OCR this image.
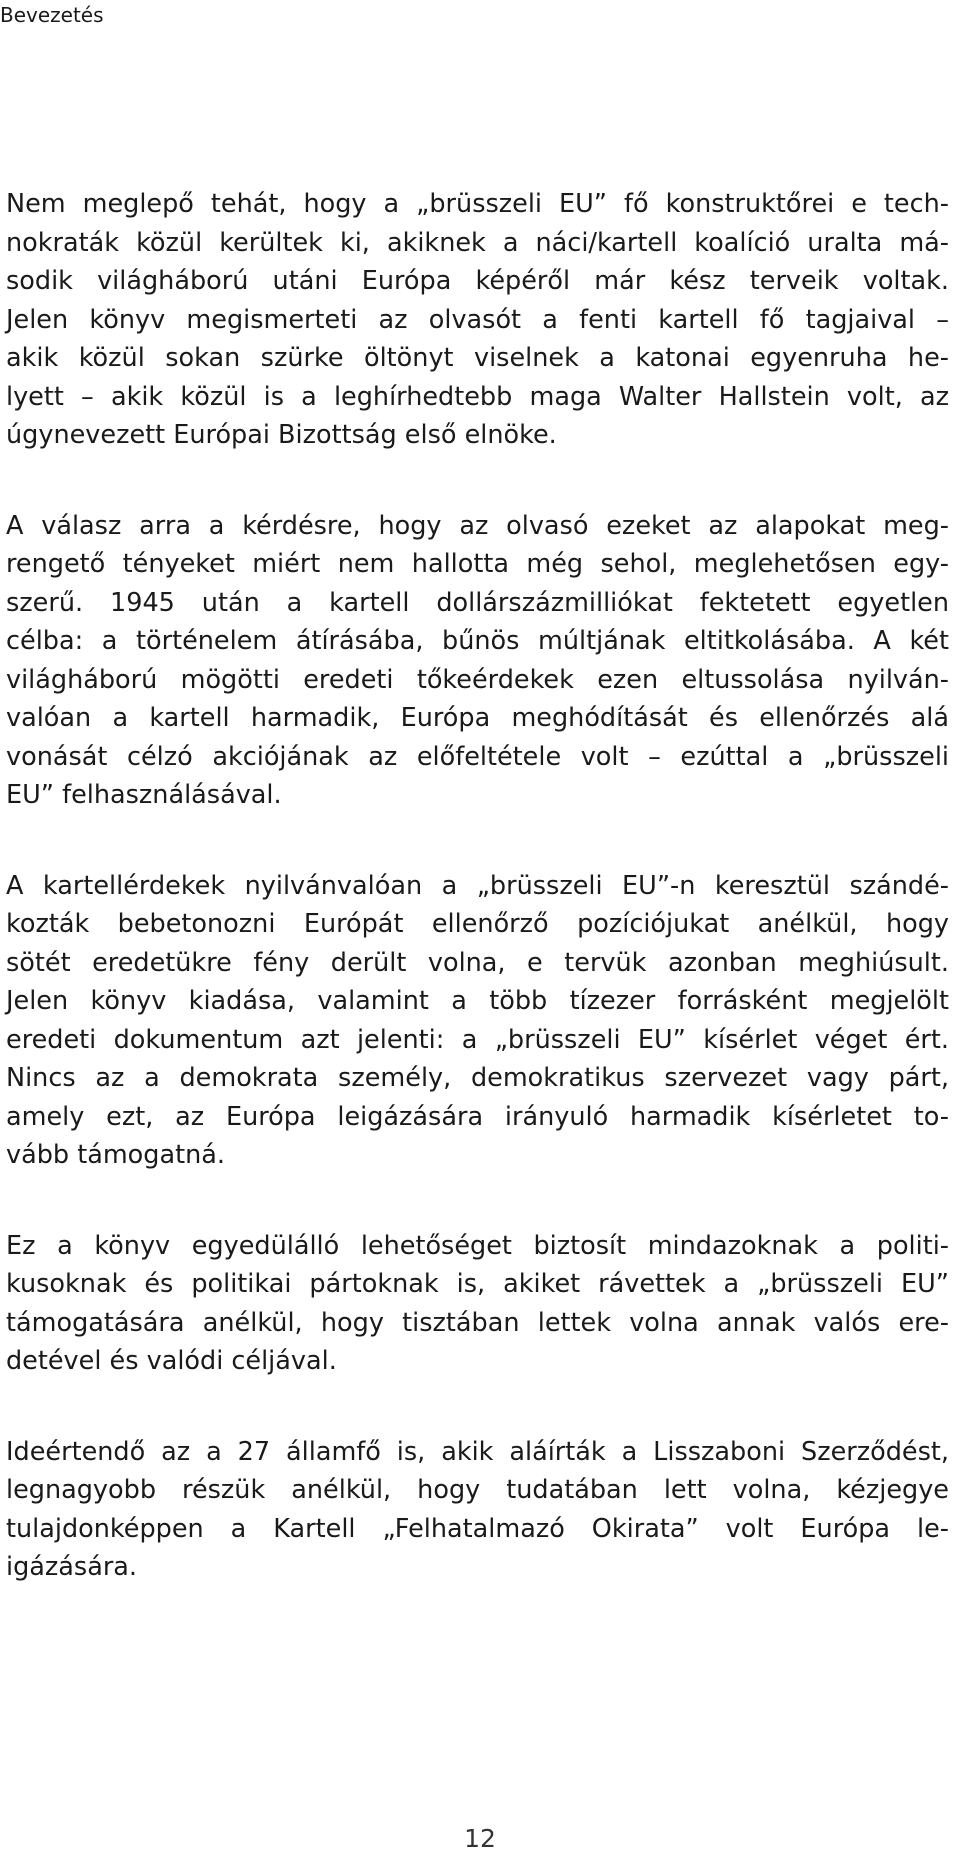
Bevezetés

Nem meglepő tehát, hogy a „brüsszeli EU” fő konstruktőrei e tech-
nokraták közül kerültek ki, akiknek a náci/kartell koalíció uralta má-
sodik világháború utáni Európa képéről már kész terveik voltak.
Jelen könyv megismerteti az olvasót a fenti kartell fő tagjaival –
akik közül sokan szürke öltönyt viselnek a katonai egyenruha he-
lyett – akik közül is a leghírhedtebb maga Walter Hallstein volt, az
úgynevezett Európai Bizottság első elnöke.

A válasz arra a kérdésre, hogy az olvasó ezeket az alapokat meg-
rengető tényeket miért nem hallotta még sehol, meglehetősen egy-
szerű. 1945 után a kartell dollárszázmilliókat fektetett egyetlen
célba: a történelem átírásába, bűnös múltjának eltitkolásába. A két
világháború mögötti eredeti tőkeérdekek ezen eltussolása nyilván-
valóan a kartell harmadik, Európa meghódítását és ellenőrzés alá
vonását célzó akciójának az előfeltétele volt – ezúttal a „brüsszeli
EU” felhasználásával.

A kartellérdekek nyilvánvalóan a „brüsszeli EU”-n keresztül szándé-
kozták bebetonozni Európát ellenőrző pozíciójukat anélkül, hogy
sötét eredetükre fény derült volna, e tervük azonban meghiúsult.
Jelen könyv kiadása, valamint a több tízezer forrásként megjelölt
eredeti dokumentum azt jelenti: a „brüsszeli EU” kísérlet véget ért.
Nincs az a demokrata személy, demokratikus szervezet vagy párt,
amely ezt, az Európa leigázására irányuló harmadik kísérletet to-
vább támogatná.

Ez a könyv egyedülálló lehetőséget biztosít mindazoknak a politi-
kusoknak és politikai pártoknak is, akiket rávettek a „brüsszeli EU”
támogatására anélkül, hogy tisztában lettek volna annak valós ere-
detével és valódi céljával.

Ideértendő az a 27 államfő is, akik aláírták a Lisszaboni Szerződést,
legnagyobb részük anélkül, hogy tudatában lett volna, kézjegye
tulajdonképpen a Kartell „Felhatalmazó Okirata” volt Európa le-
igázására.

12
